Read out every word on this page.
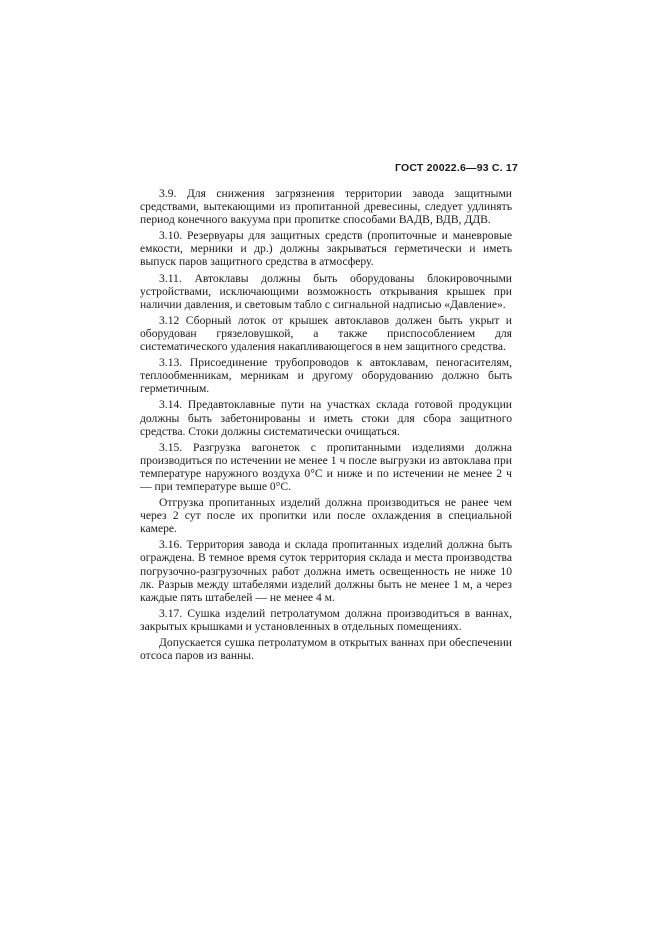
ГОСТ 20022.6—93 С. 17

3.9. Для снижения загрязнения территории завода защитными средствами, вытекающими из пропитанной древесины, следует удлинять период конечного вакуума при пропитке способами ВАДВ, ВДВ, ДДВ.

3.10. Резервуары для защитных средств (пропиточные и маневровые емкости, мерники и др.) должны закрываться герметически и иметь выпуск паров защитного средства в атмосферу.

3.11. Автоклавы должны быть оборудованы блокировочными устройствами, исключающими возможность открывания крышек при наличии давления, и световым табло с сигнальной надписью «Давление».

3.12 Сборный лоток от крышек автоклавов должен быть укрыт и оборудован грязеловушкой, а также приспособлением для систематического удаления накапливающегося в нем защитного средства.

3.13. Присоединение трубопроводов к автоклавам, пеногасителям, теплообменникам, мерникам и другому оборудованию должно быть герметичным.

3.14. Предавтоклавные пути на участках склада готовой продукции должны быть забетонированы и иметь стоки для сбора защитного средства. Стоки должны систематически очищаться.

3.15. Разгрузка вагонеток с пропитанными изделиями должна производиться по истечении не менее 1 ч после выгрузки из автоклава при температуре наружного воздуха 0°С и ниже и по истечении не менее 2 ч — при температуре выше 0°С.

Отгрузка пропитанных изделий должна производиться не ранее чем через 2 сут после их пропитки или после охлаждения в специальной камере.

3.16. Территория завода и склада пропитанных изделий должна быть ограждена. В темное время суток территория склада и места производства погрузочно-разгрузочных работ должна иметь освещенность не ниже 10 лк. Разрыв между штабелями изделий должны быть не менее 1 м, а через каждые пять штабелей — не менее 4 м.

3.17. Сушка изделий петролатумом должна производиться в ваннах, закрытых крышками и установленных в отдельных помещениях.

Допускается сушка петролатумом в открытых ваннах при обеспечении отсоса паров из ванны.
